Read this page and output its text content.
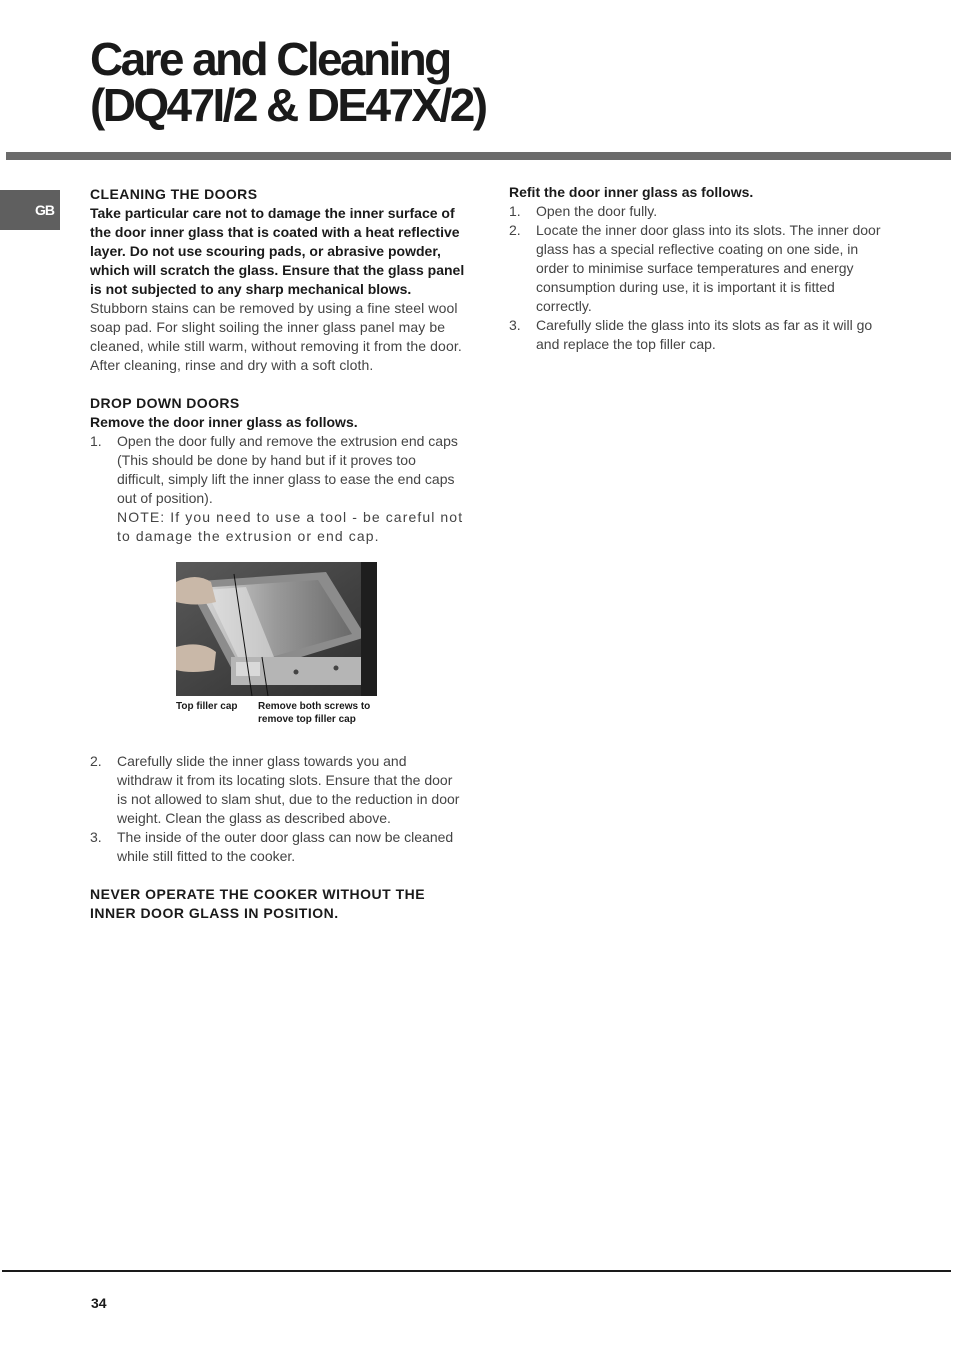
Care and Cleaning
(DQ47I/2 & DE47X/2)
GB

CLEANING THE DOORS

Take particular care not to damage the inner surface of the door inner glass that is coated with a heat reflective layer. Do not use scouring pads, or abrasive powder, which will scratch the glass. Ensure that the glass panel is not subjected to any sharp mechanical blows.

Stubborn stains can be removed by using a fine steel wool soap pad. For slight soiling the inner glass panel may be cleaned, while still warm, without removing it from the door. After cleaning, rinse and dry with a soft cloth.

DROP DOWN DOORS

Remove the door inner glass as follows.

1. Open the door fully and remove the extrusion end caps (This should be done by hand but if it proves too difficult, simply lift the inner glass to ease the end caps out of position).
NOTE: If you need to use a tool - be careful not to damage the extrusion or end cap.
Top filler cap Remove both screws to remove top filler cap
2. Carefully slide the inner glass towards you and withdraw it from its locating slots. Ensure that the door is not allowed to slam shut, due to the reduction in door weight. Clean the glass as described above.
3. The inside of the outer door glass can now be cleaned while still fitted to the cooker.

NEVER OPERATE THE COOKER WITHOUT THE INNER DOOR GLASS IN POSITION.

Refit the door inner glass as follows.

1. Open the door fully.
2. Locate the inner door glass into its slots. The inner door glass has a special reflective coating on one side, in order to minimise surface temperatures and energy consumption during use, it is important it is fitted correctly.
3. Carefully slide the glass into its slots as far as it will go and replace the top filler cap.
34
